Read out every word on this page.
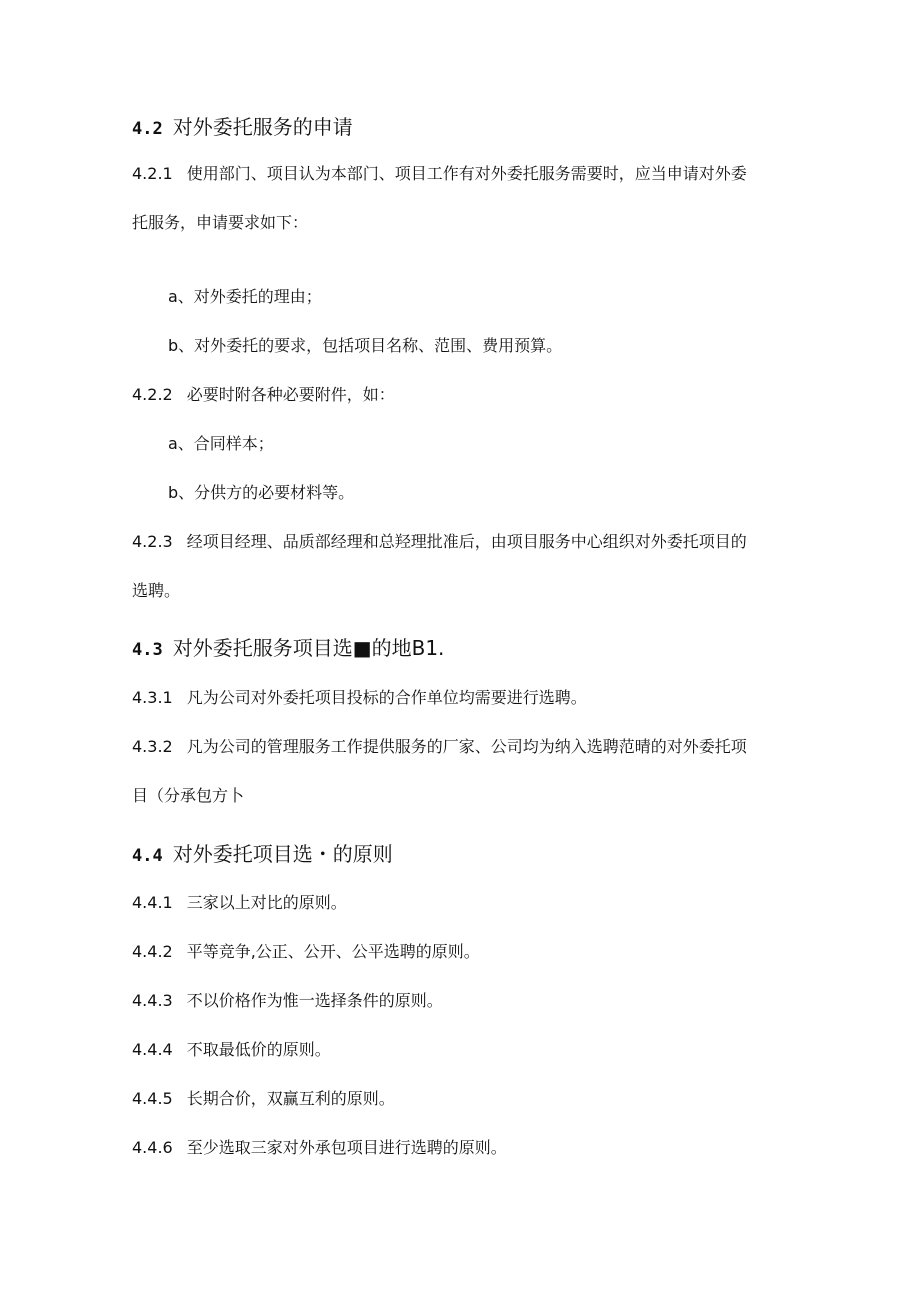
4.2 对外委托服务的申请
4.2.1 使用部门、项目认为本部门、项目工作有对外委托服务需要时，应当申请对外委
托服务，申请要求如下：
a、对外委托的理由；
b、对外委托的要求，包括项目名称、范围、费用预算。
4.2.2 必要时附各种必要附件，如：
a、合同样本；
b、分供方的必要材料等。
4.2.3 经项目经理、品质部经理和总羟理批准后，由项目服务中心组织对外委托项目的
选聘。
4.3 对外委托服务项目选■的地B1.
4.3.1 凡为公司对外委托项目投标的合作单位均需要进行选聘。
4.3.2 凡为公司的管理服务工作提供服务的厂家、公司均为纳入选聘范晴的对外委托项
目（分承包方卜
4.4 对外委托项目选・的原则
4.4.1 三家以上对比的原则。
4.4.2 平等竞争,公正、公开、公平选聘的原则。
4.4.3 不以价格作为惟一选择条件的原则。
4.4.4 不取最低价的原则。
4.4.5 长期合价，双赢互利的原则。
4.4.6 至少选取三家对外承包项目进行选聘的原则。
